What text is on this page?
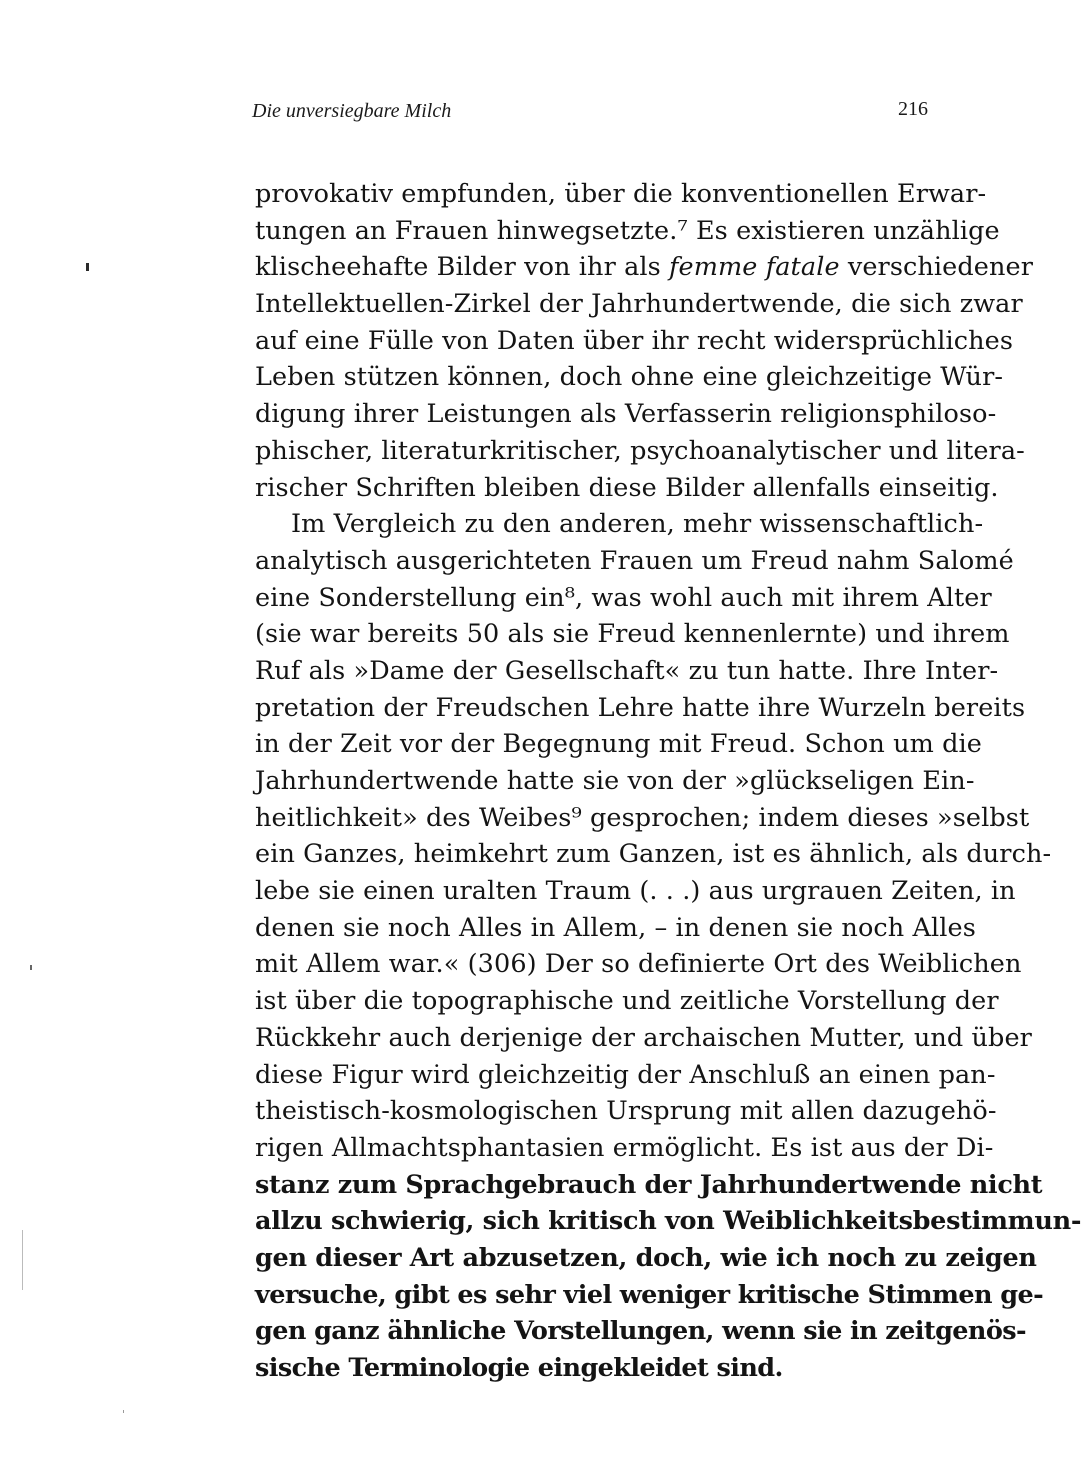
Die unversiegbare Milch	216
provokativ empfunden, über die konventionellen Erwar-
tungen an Frauen hinwegsetzte.⁷ Es existieren unzählige
klischeehafte Bilder von ihr als femme fatale verschiedener
Intellektuellen-Zirkel der Jahrhundertwende, die sich zwar
auf eine Fülle von Daten über ihr recht widersprüchliches
Leben stützen können, doch ohne eine gleichzeitige Wür-
digung ihrer Leistungen als Verfasserin religionsphiloso-
phischer, literaturkritischer, psychoanalytischer und litera-
rischer Schriften bleiben diese Bilder allenfalls einseitig.
Im Vergleich zu den anderen, mehr wissenschaftlich-
analytisch ausgerichteten Frauen um Freud nahm Salomé
eine Sonderstellung ein⁸, was wohl auch mit ihrem Alter
(sie war bereits 50 als sie Freud kennenlernte) und ihrem
Ruf als »Dame der Gesellschaft« zu tun hatte. Ihre Inter-
pretation der Freudschen Lehre hatte ihre Wurzeln bereits
in der Zeit vor der Begegnung mit Freud. Schon um die
Jahrhundertwende hatte sie von der »glückseligen Ein-
heitlichkeit» des Weibes⁹ gesprochen; indem dieses »selbst
ein Ganzes, heimkehrt zum Ganzen, ist es ähnlich, als durch-
lebe sie einen uralten Traum (. . .) aus urgrauen Zeiten, in
denen sie noch Alles in Allem, – in denen sie noch Alles
mit Allem war.« (306) Der so definierte Ort des Weiblichen
ist über die topographische und zeitliche Vorstellung der
Rückkehr auch derjenige der archaischen Mutter, und über
diese Figur wird gleichzeitig der Anschluß an einen pan-
theistisch-kosmologischen Ursprung mit allen dazugehö-
rigen Allmachtsphantasien ermöglicht. Es ist aus der Di-
stanz zum Sprachgebrauch der Jahrhundertwende nicht
allzu schwierig, sich kritisch von Weiblichkeitsbestimmun-
gen dieser Art abzusetzen, doch, wie ich noch zu zeigen
versuche, gibt es sehr viel weniger kritische Stimmen ge-
gen ganz ähnliche Vorstellungen, wenn sie in zeitgenös-
sische Terminologie eingekleidet sind.
